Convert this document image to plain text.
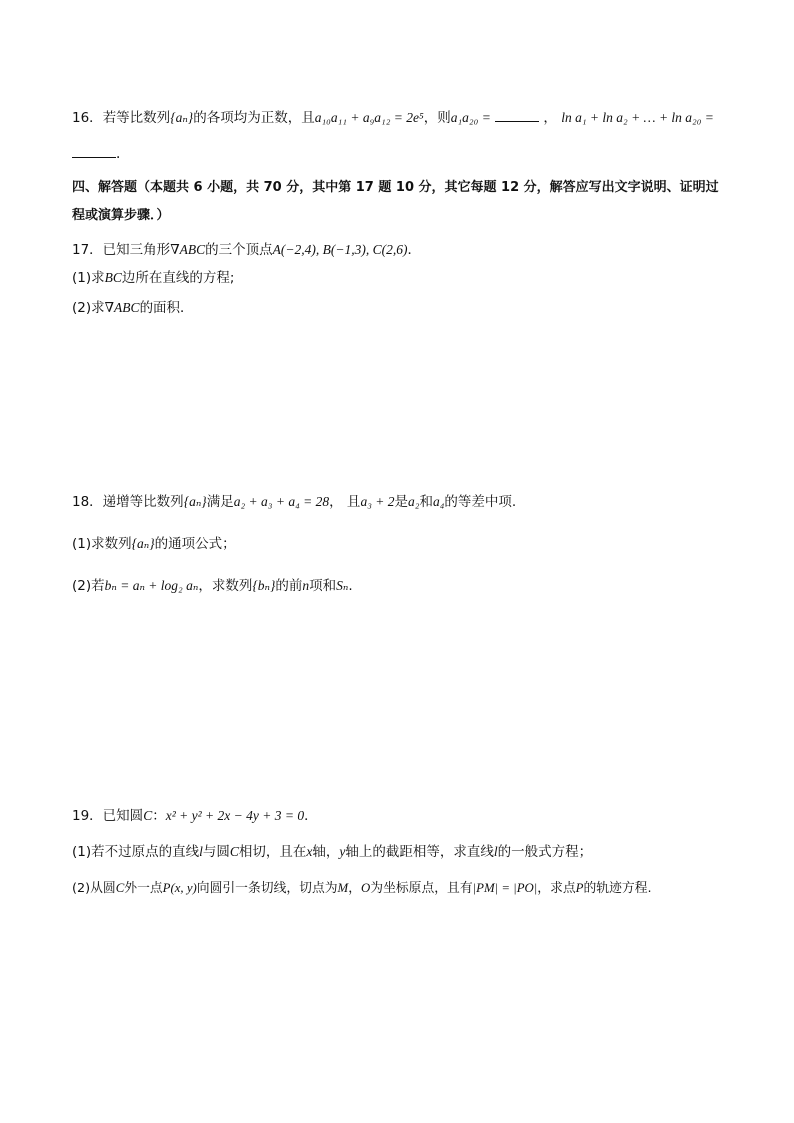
16．若等比数列{aₙ}的各项均为正数，且a₁₀a₁₁ + a₉a₁₂ = 2e⁵，则a₁a₂₀ =	， ln a₁ + ln a₂ + … + ln a₂₀ =
.
四、解答题（本题共 6 小题，共 70 分，其中第 17 题 10 分，其它每题 12 分，解答应写出文字说明、证明过
程或演算步骤．）
17．已知三角形∇ABC的三个顶点A(−2,4), B(−1,3), C(2,6)．
(1)求BC边所在直线的方程;
(2)求∇ABC的面积．
18．递增等比数列{aₙ}满足a₂ + a₃ + a₄ = 28， 且a₃ + 2是a₂和a₄的等差中项.
(1)求数列{aₙ}的通项公式；
(2)若bₙ = aₙ + log₂ aₙ，求数列{bₙ}的前n项和Sₙ.
19．已知圆C：x² + y² + 2x − 4y + 3 = 0．
(1)若不过原点的直线l与圆C相切，且在x轴，y轴上的截距相等，求直线l的一般式方程；
(2)从圆C外一点P(x, y)向圆引一条切线，切点为M，O为坐标原点，且有|PM| = |PO|，求点P的轨迹方程.
